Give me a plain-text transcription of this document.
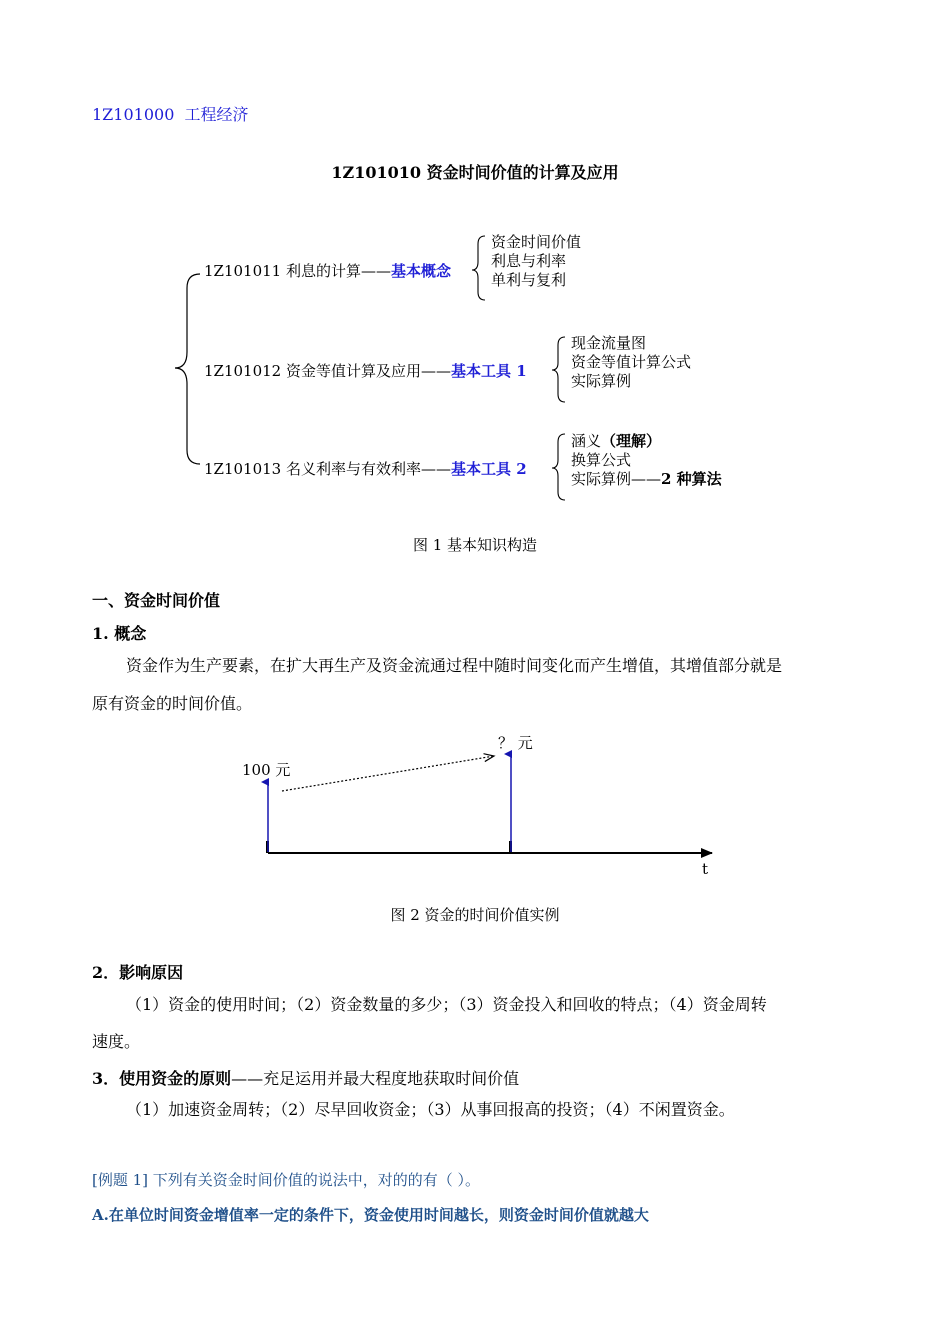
1Z101000 工程经济
1Z101010 资金时间价值的计算及应用
1Z101011 利息的计算——基本概念
资金时间价值
利息与利率
单利与复利
1Z101012 资金等值计算及应用——基本工具 1
现金流量图
资金等值计算公式
实际算例
1Z101013 名义利率与有效利率——基本工具 2
涵义（理解）
换算公式
实际算例——2 种算法
图 1 基本知识构造
一、资金时间价值
1. 概念
资金作为生产要素，在扩大再生产及资金流通过程中随时间变化而产生增值，其增值部分就是
原有资金的时间价值。
100 元
？ 元
t
图 2 资金的时间价值实例
2．影响原因
（1）资金的使用时间；（2）资金数量的多少；（3）资金投入和回收的特点；（4）资金周转
速度。
3．使用资金的原则——充足运用并最大程度地获取时间价值
（1）加速资金周转；（2）尽早回收资金；（3）从事回报高的投资；（4）不闲置资金。
[例题 1] 下列有关资金时间价值的说法中，对的的有（ ）。
A.在单位时间资金增值率一定的条件下，资金使用时间越长，则资金时间价值就越大
